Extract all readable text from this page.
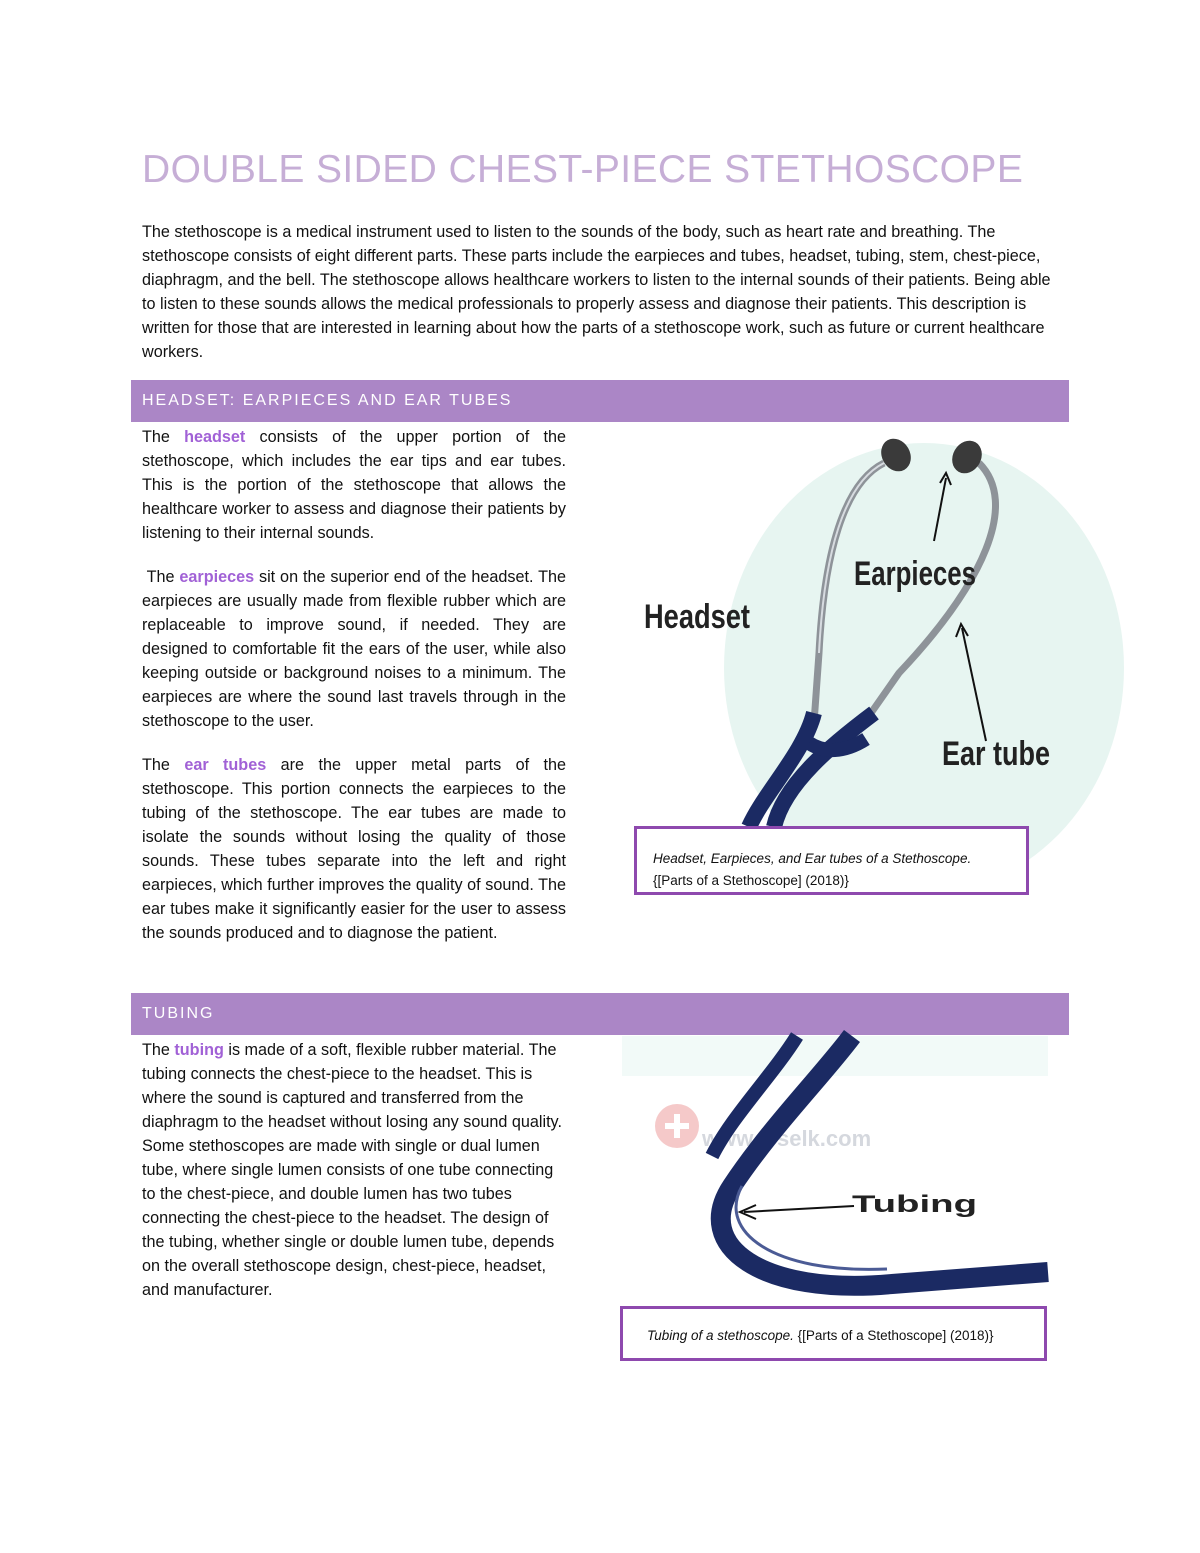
DOUBLE SIDED CHEST-PIECE STETHOSCOPE

The stethoscope is a medical instrument used to listen to the sounds of the body, such as heart rate and breathing. The stethoscope consists of eight different parts. These parts include the earpieces and tubes, headset, tubing, stem, chest-piece, diaphragm, and the bell. The stethoscope allows healthcare workers to listen to the internal sounds of their patients. Being able to listen to these sounds allows the medical professionals to properly assess and diagnose their patients. This description is written for those that are interested in learning about how the parts of a stethoscope work, such as future or current healthcare workers.

HEADSET: EARPIECES AND EAR TUBES

The headset consists of the upper portion of the stethoscope, which includes the ear tips and ear tubes. This is the portion of the stethoscope that allows the healthcare worker to assess and diagnose their patients by listening to their internal sounds.

The earpieces sit on the superior end of the headset. The earpieces are usually made from flexible rubber which are replaceable to improve sound, if needed. They are designed to comfortable fit the ears of the user, while also keeping outside or background noises to a minimum. The earpieces are where the sound last travels through in the stethoscope to the user.

The ear tubes are the upper metal parts of the stethoscope. This portion connects the earpieces to the tubing of the stethoscope. The ear tubes are made to isolate the sounds without losing the quality of those sounds. These tubes separate into the left and right earpieces, which further improves the quality of sound. The ear tubes make it significantly easier for the user to assess the sounds produced and to diagnose the patient.

Headset
Earpieces
Ear tube
Headset, Earpieces, and Ear tubes of a Stethoscope.
{[Parts of a Stethoscope] (2018)}
TUBING

The tubing is made of a soft, flexible rubber material. The tubing connects the chest-piece to the headset. This is where the sound is captured and transferred from the diaphragm to the headset without losing any sound quality. Some stethoscopes are made with single or dual lumen tube, where single lumen consists of one tube connecting to the chest-piece, and double lumen has two tubes connecting the chest-piece to the headset. The design of the tubing, whether single or double lumen tube, depends on the overall stethoscope design, chest-piece, headset, and manufacturer.

www.   selk.com
Tubing
Tubing of a stethoscope. {[Parts of a Stethoscope] (2018)}
